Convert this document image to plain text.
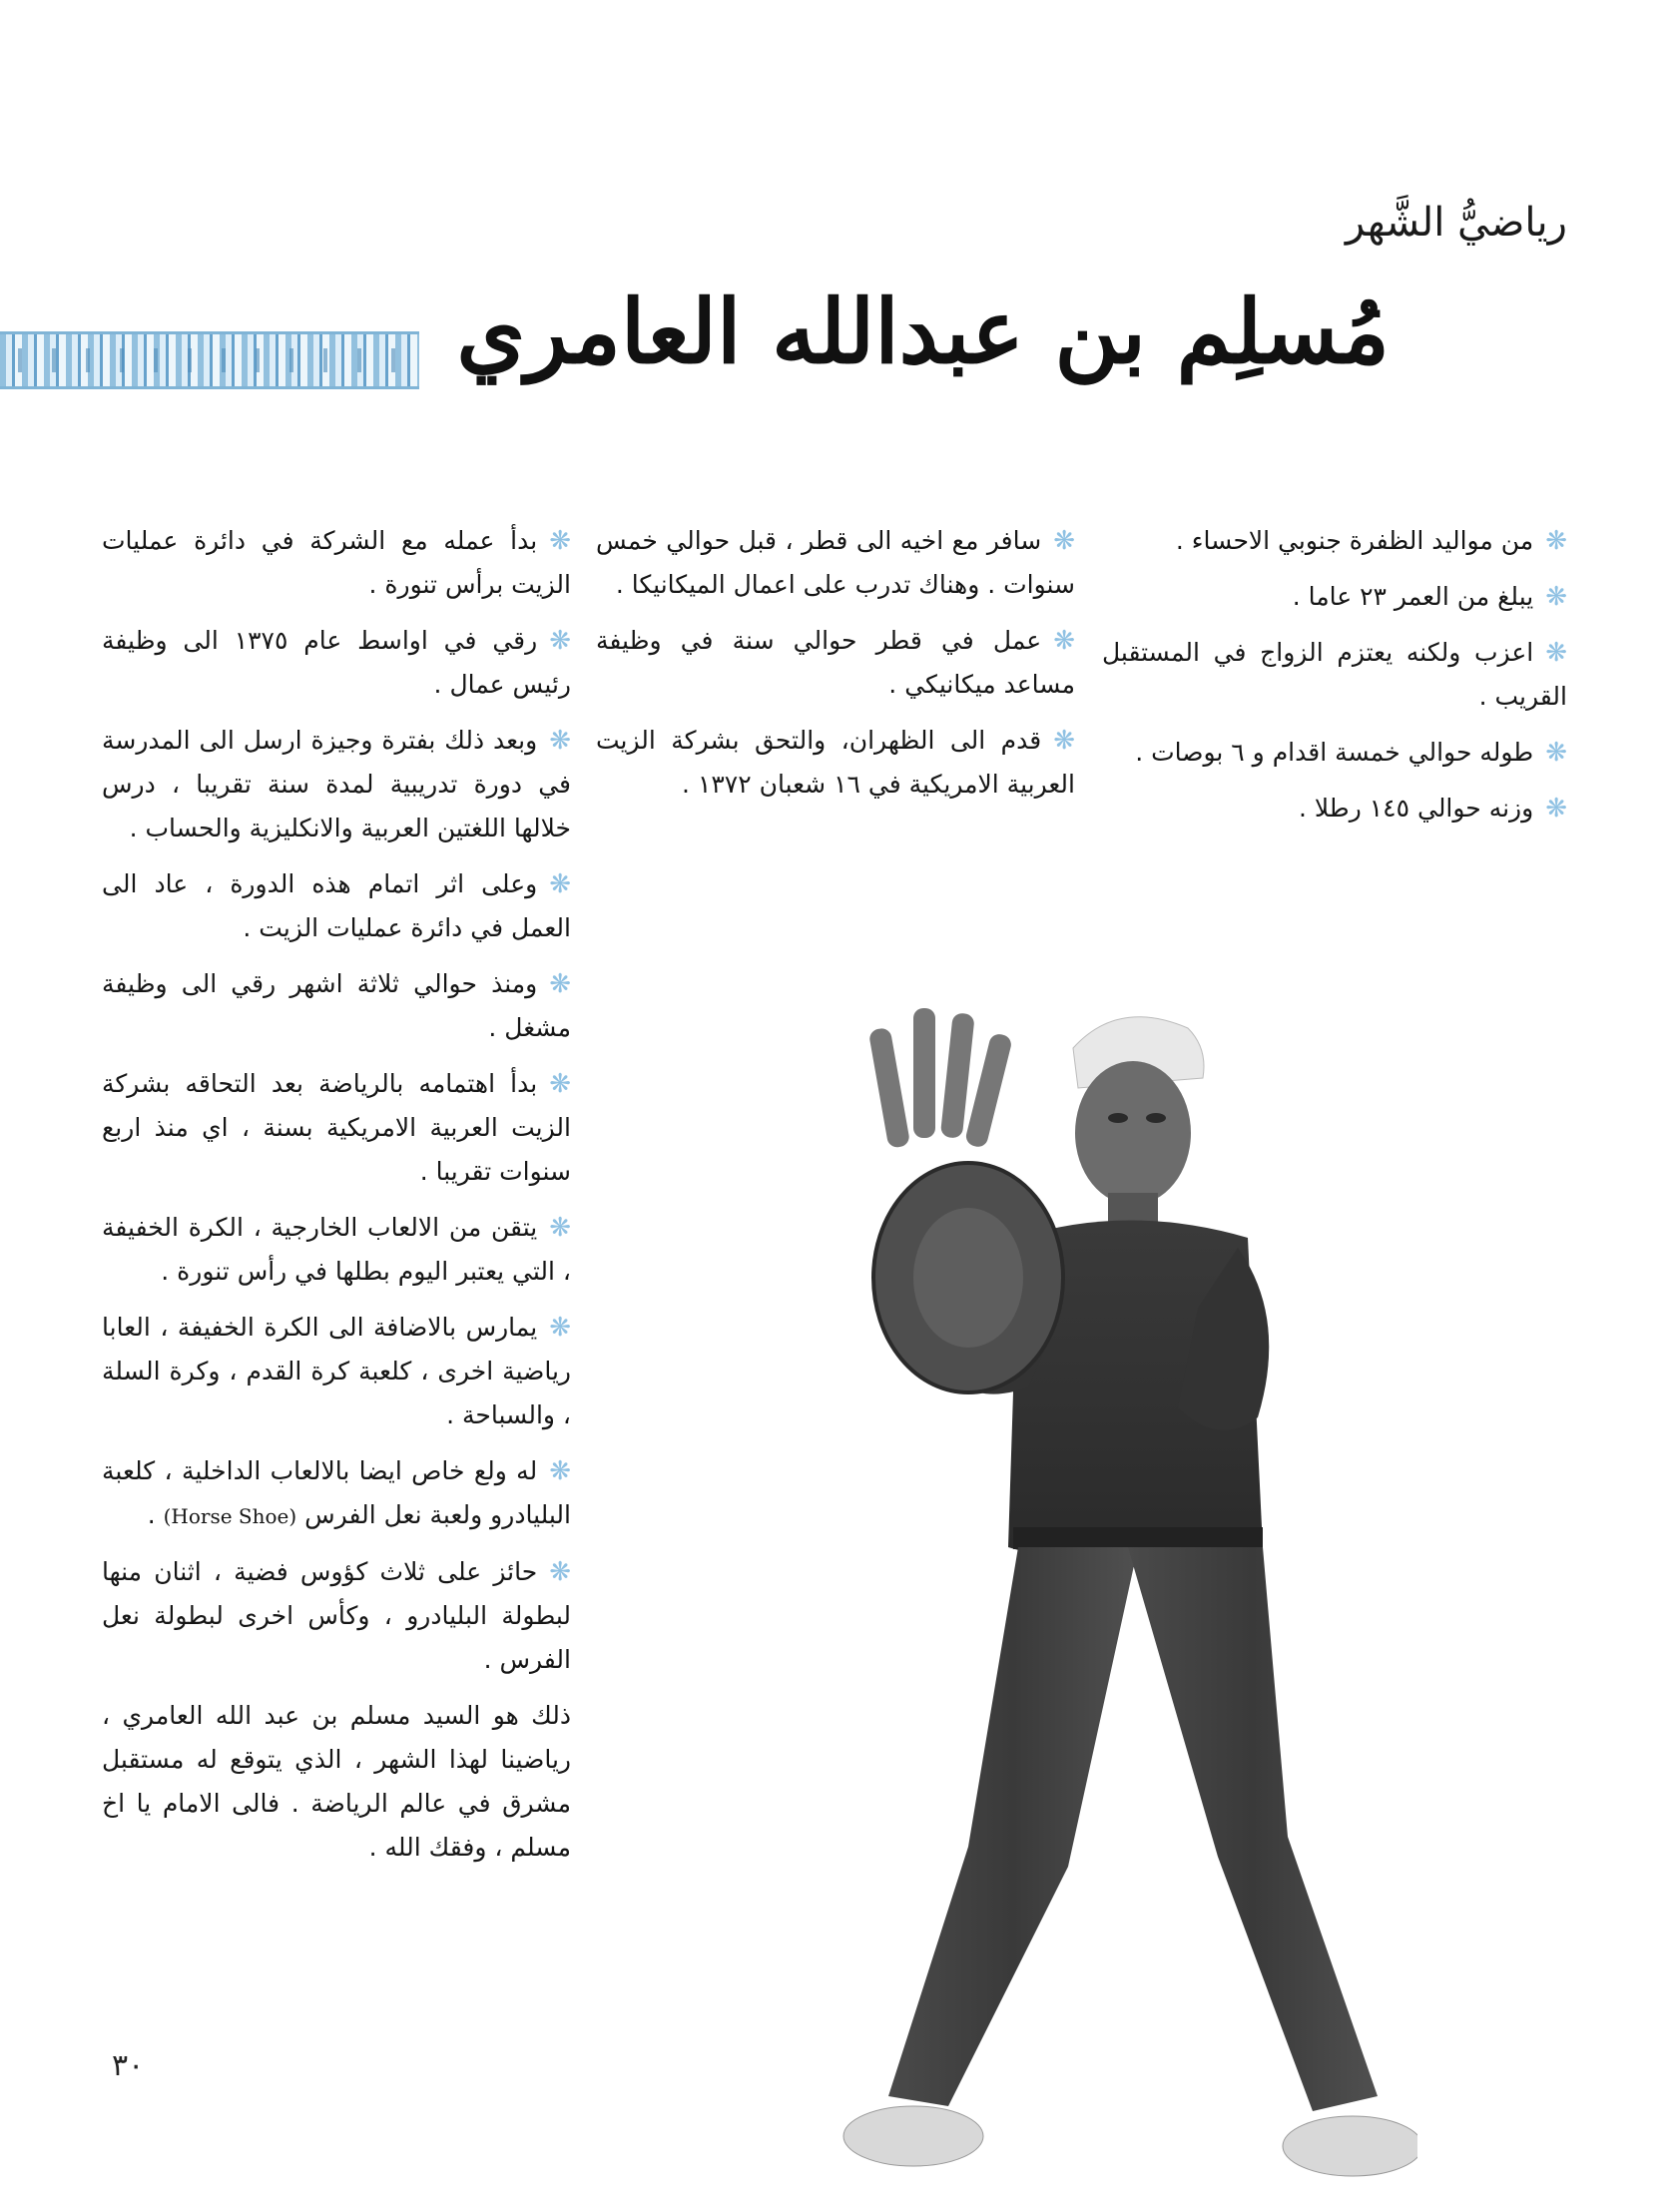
رياضيُّ الشَّهر
مُسلِم بن عبدالله العامري

❋من مواليد الظفرة جنوبي الاحساء .

❋يبلغ من العمر ٢٣ عاما .

❋اعزب ولكنه يعتزم الزواج في المستقبل القريب .

❋طوله حوالي خمسة اقدام و ٦ بوصات .

❋وزنه حوالي ١٤٥ رطلا .

❋سافر مع اخيه الى قطر ، قبل حوالي خمس سنوات . وهناك تدرب على اعمال الميكانيكا .

❋عمل في قطر حوالي سنة في وظيفة مساعد ميكانيكي .

❋قدم الى الظهران، والتحق بشركة الزيت العربية الامريكية في ١٦ شعبان ١٣٧٢ .

❋بدأ عمله مع الشركة في دائرة عمليات الزيت برأس تنورة .

❋رقي في اواسط عام ١٣٧٥ الى وظيفة رئيس عمال .

❋وبعد ذلك بفترة وجيزة ارسل الى المدرسة في دورة تدريبية لمدة سنة تقريبا ، درس خلالها اللغتين العربية والانكليزية والحساب .

❋وعلى اثر اتمام هذه الدورة ، عاد الى العمل في دائرة عمليات الزيت .

❋ومنذ حوالي ثلاثة اشهر رقي الى وظيفة مشغل .

❋بدأ اهتمامه بالرياضة بعد التحاقه بشركة الزيت العربية الامريكية بسنة ، اي منذ اربع سنوات تقريبا .

❋يتقن من الالعاب الخارجية ، الكرة الخفيفة ، التي يعتبر اليوم بطلها في رأس تنورة .

❋يمارس بالاضافة الى الكرة الخفيفة ، العابا رياضية اخرى ، كلعبة كرة القدم ، وكرة السلة ، والسباحة .

❋له ولع خاص ايضا بالالعاب الداخلية ، كلعبة البليادرو ولعبة نعل الفرس (Horse Shoe) .

❋حائز على ثلاث كؤوس فضية ، اثنان منها لبطولة البليادرو ، وكأس اخرى لبطولة نعل الفرس .

ذلك هو السيد مسلم بن عبد الله العامري ، رياضينا لهذا الشهر ، الذي يتوقع له مستقبل مشرق في عالم الرياضة . فالى الامام يا اخ مسلم ، وفقك الله .

٣٠
